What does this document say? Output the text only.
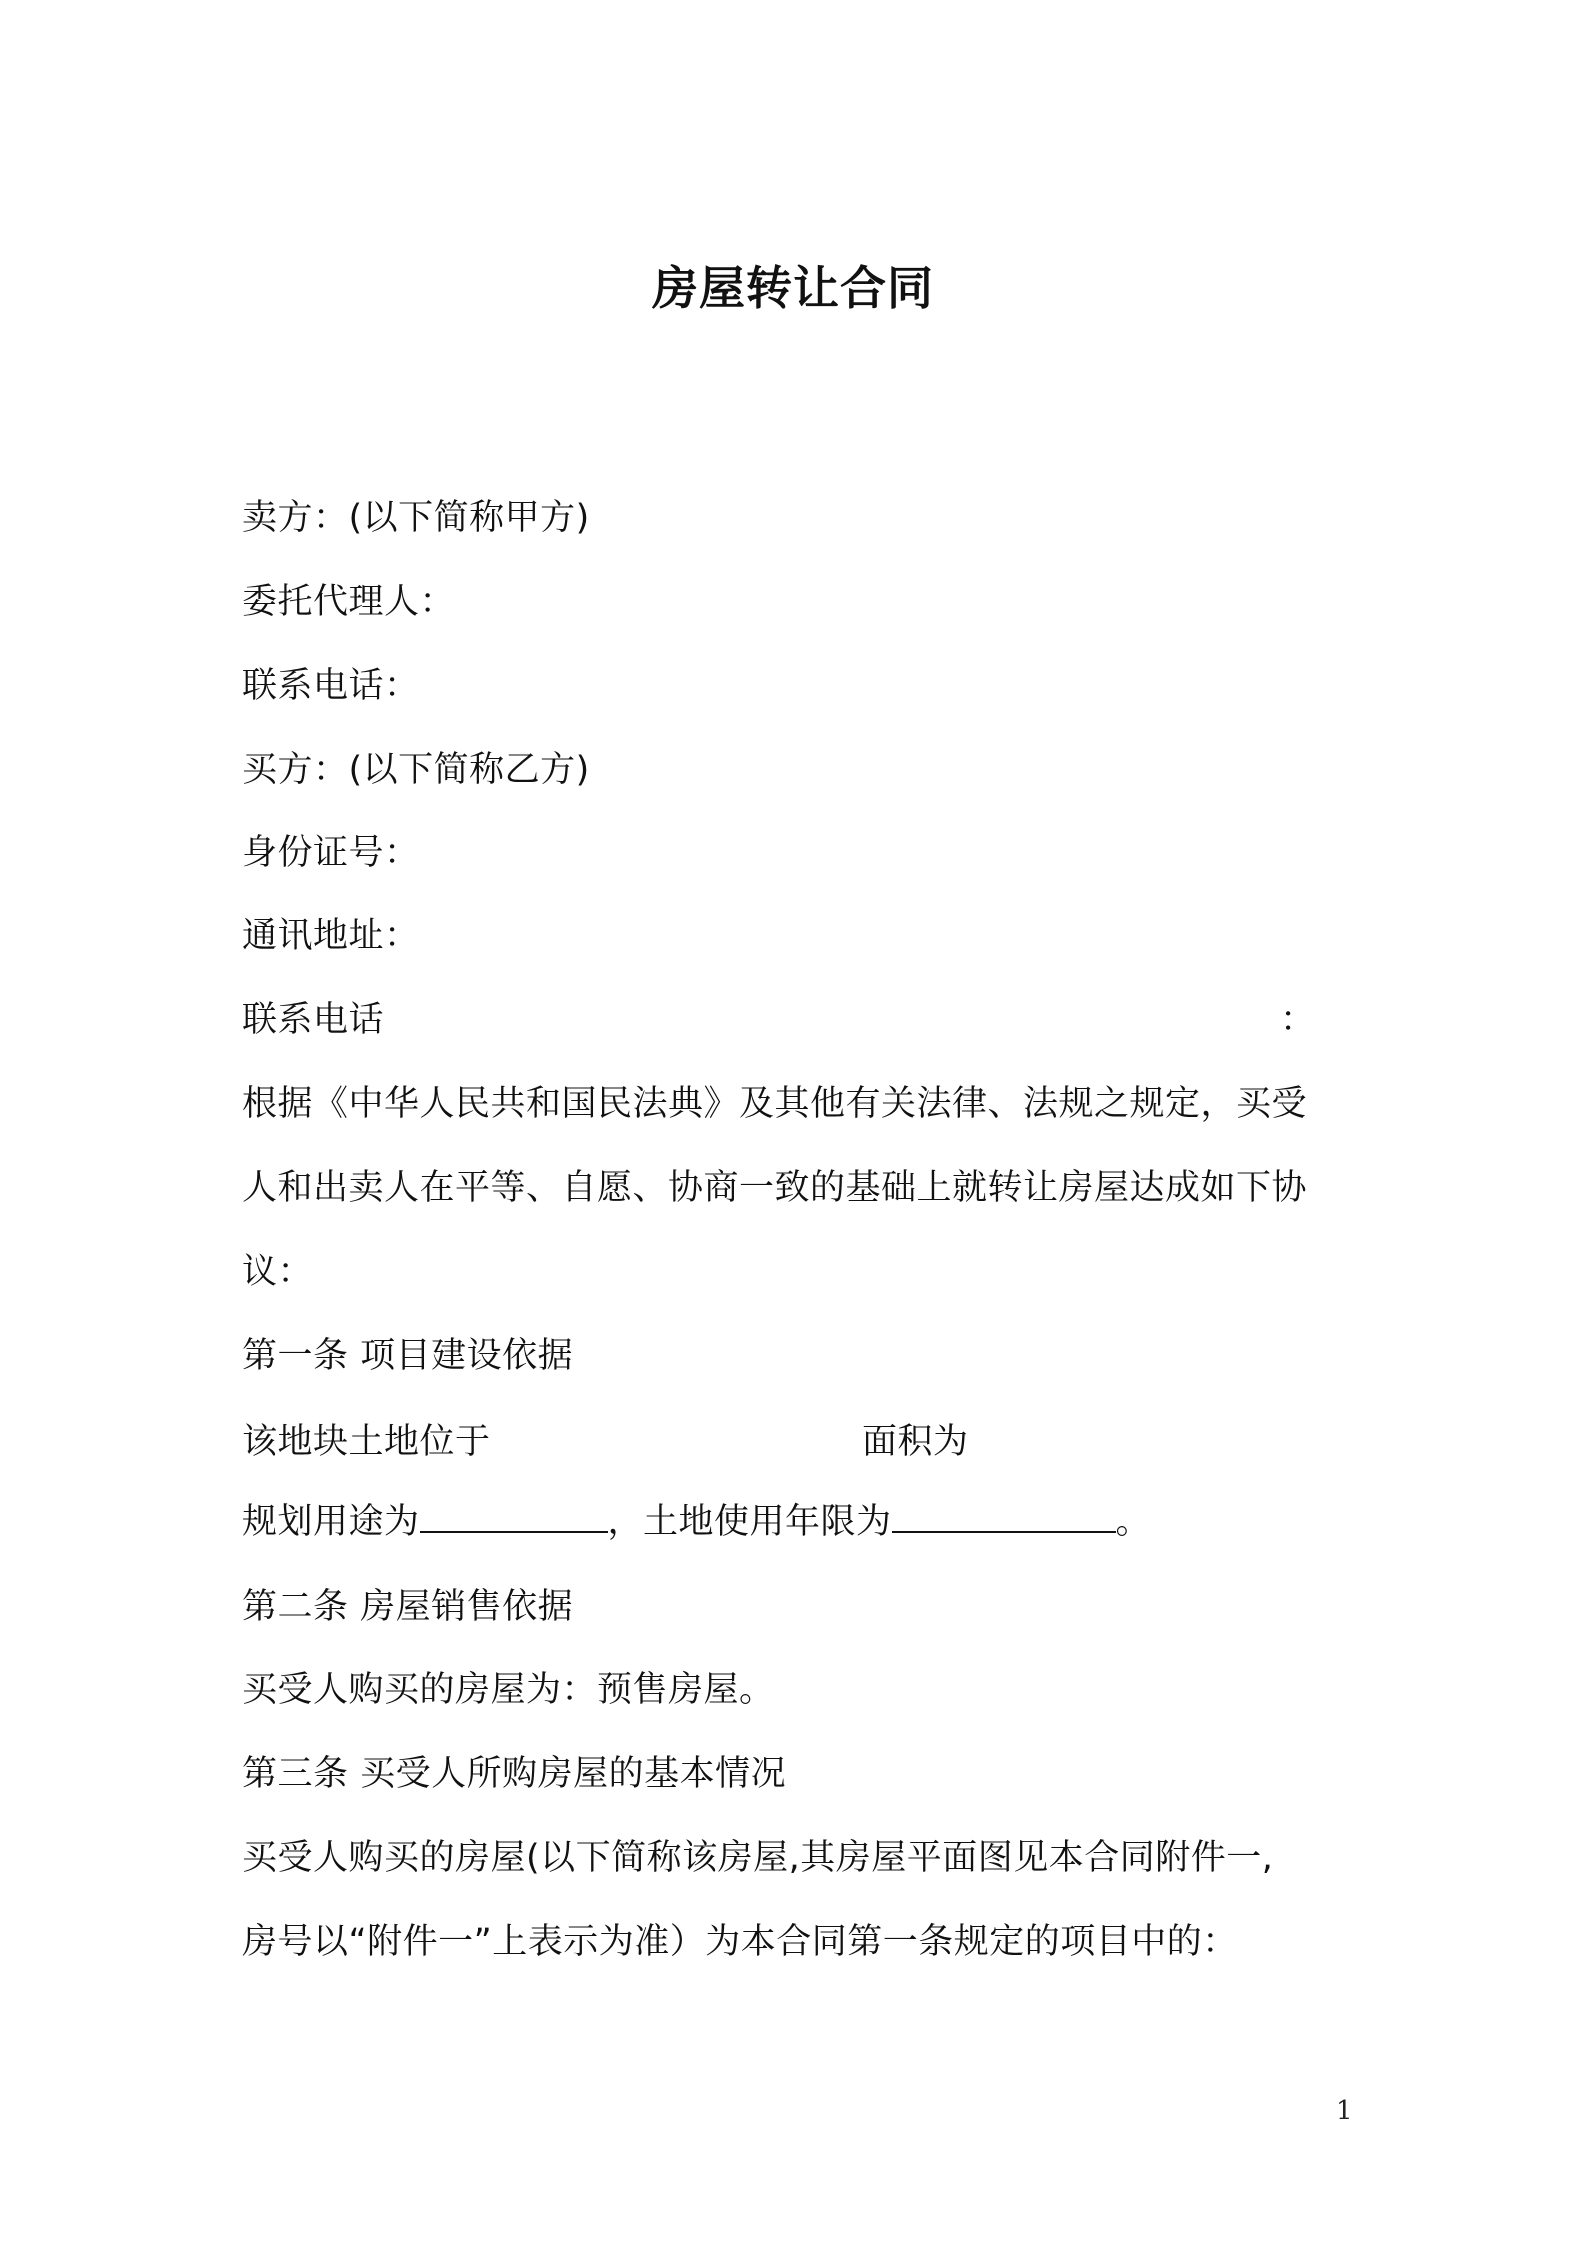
房屋转让合同
卖方：(以下简称甲方)
委托代理人：
联系电话：
买方：(以下简称乙方)
身份证号：
通讯地址：
联系电话	：
根据《中华人民共和国民法典》及其他有关法律、法规之规定，买受
人和出卖人在平等、自愿、协商一致的基础上就转让房屋达成如下协
议：
第一条 项目建设依据
该地块土地位于	面积为
规划用途为	，土地使用年限为	。
第二条 房屋销售依据
买受人购买的房屋为：预售房屋。
第三条 买受人所购房屋的基本情况
买受人购买的房屋(以下简称该房屋,其房屋平面图见本合同附件一,
房号以“附件一”上表示为准）为本合同第一条规定的项目中的：
1
